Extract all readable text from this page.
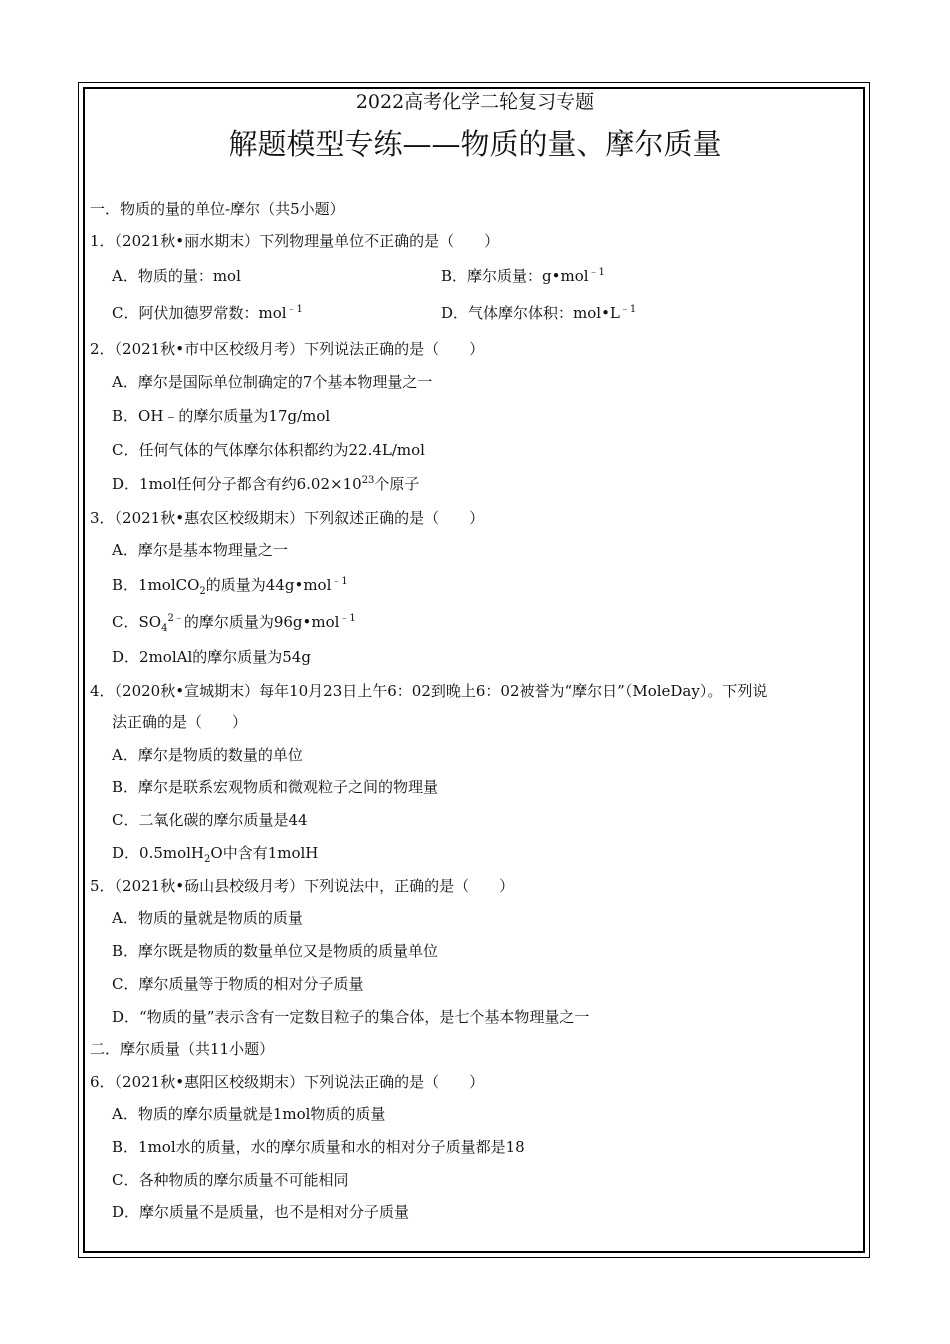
2022高考化学二轮复习专题
解题模型专练——物质的量、摩尔质量
一．物质的量的单位-摩尔（共5小题）
1．（2021秋•丽水期末）下列物理量单位不正确的是（　　）
A．物质的量：mol	B．摩尔质量：g•mol$^{﹣1}$
C．阿伏加德罗常数：mol$^{﹣1}$	D．气体摩尔体积：$mol•L^{﹣1}$
2．（2021秋•市中区校级月考）下列说法正确的是（　　）
A．摩尔是国际单位制确定的7个基本物理量之一
B．OH﹣的摩尔质量为17g/mol
C．任何气体的气体摩尔体积都约为22.4L/mol
D．1mol任何分子都含有约$6.02\times 10^{23}$个原子
3．（2021秋•惠农区校级期末）下列叙述正确的是（　　）
A．摩尔是基本物理量之一
B．1molCO$_2$的质量为44g•mol$^{﹣1}$
C．$SO_4^{2﹣}$的摩尔质量为96g•mol$^{﹣1}$
D．2molAl的摩尔质量为54g
4．（2020秋•宣城期末）每年10月23日上午6：02到晚上6：02被誉为“摩尔日”（MoleDay）。下列说
法正确的是（　　）
A．摩尔是物质的数量的单位
B．摩尔是联系宏观物质和微观粒子之间的物理量
C．二氧化碳的摩尔质量是44
D．0.5molH$_2$O中含有1molH
5．（2021秋•砀山县校级月考）下列说法中，正确的是（　　）
A．物质的量就是物质的质量
B．摩尔既是物质的数量单位又是物质的质量单位
C．摩尔质量等于物质的相对分子质量
D．“物质的量”表示含有一定数目粒子的集合体，是七个基本物理量之一
二．摩尔质量（共11小题）
6．（2021秋•惠阳区校级期末）下列说法正确的是（　　）
A．物质的摩尔质量就是1mol物质的质量
B．1mol水的质量，水的摩尔质量和水的相对分子质量都是18
C．各种物质的摩尔质量不可能相同
D．摩尔质量不是质量，也不是相对分子质量
